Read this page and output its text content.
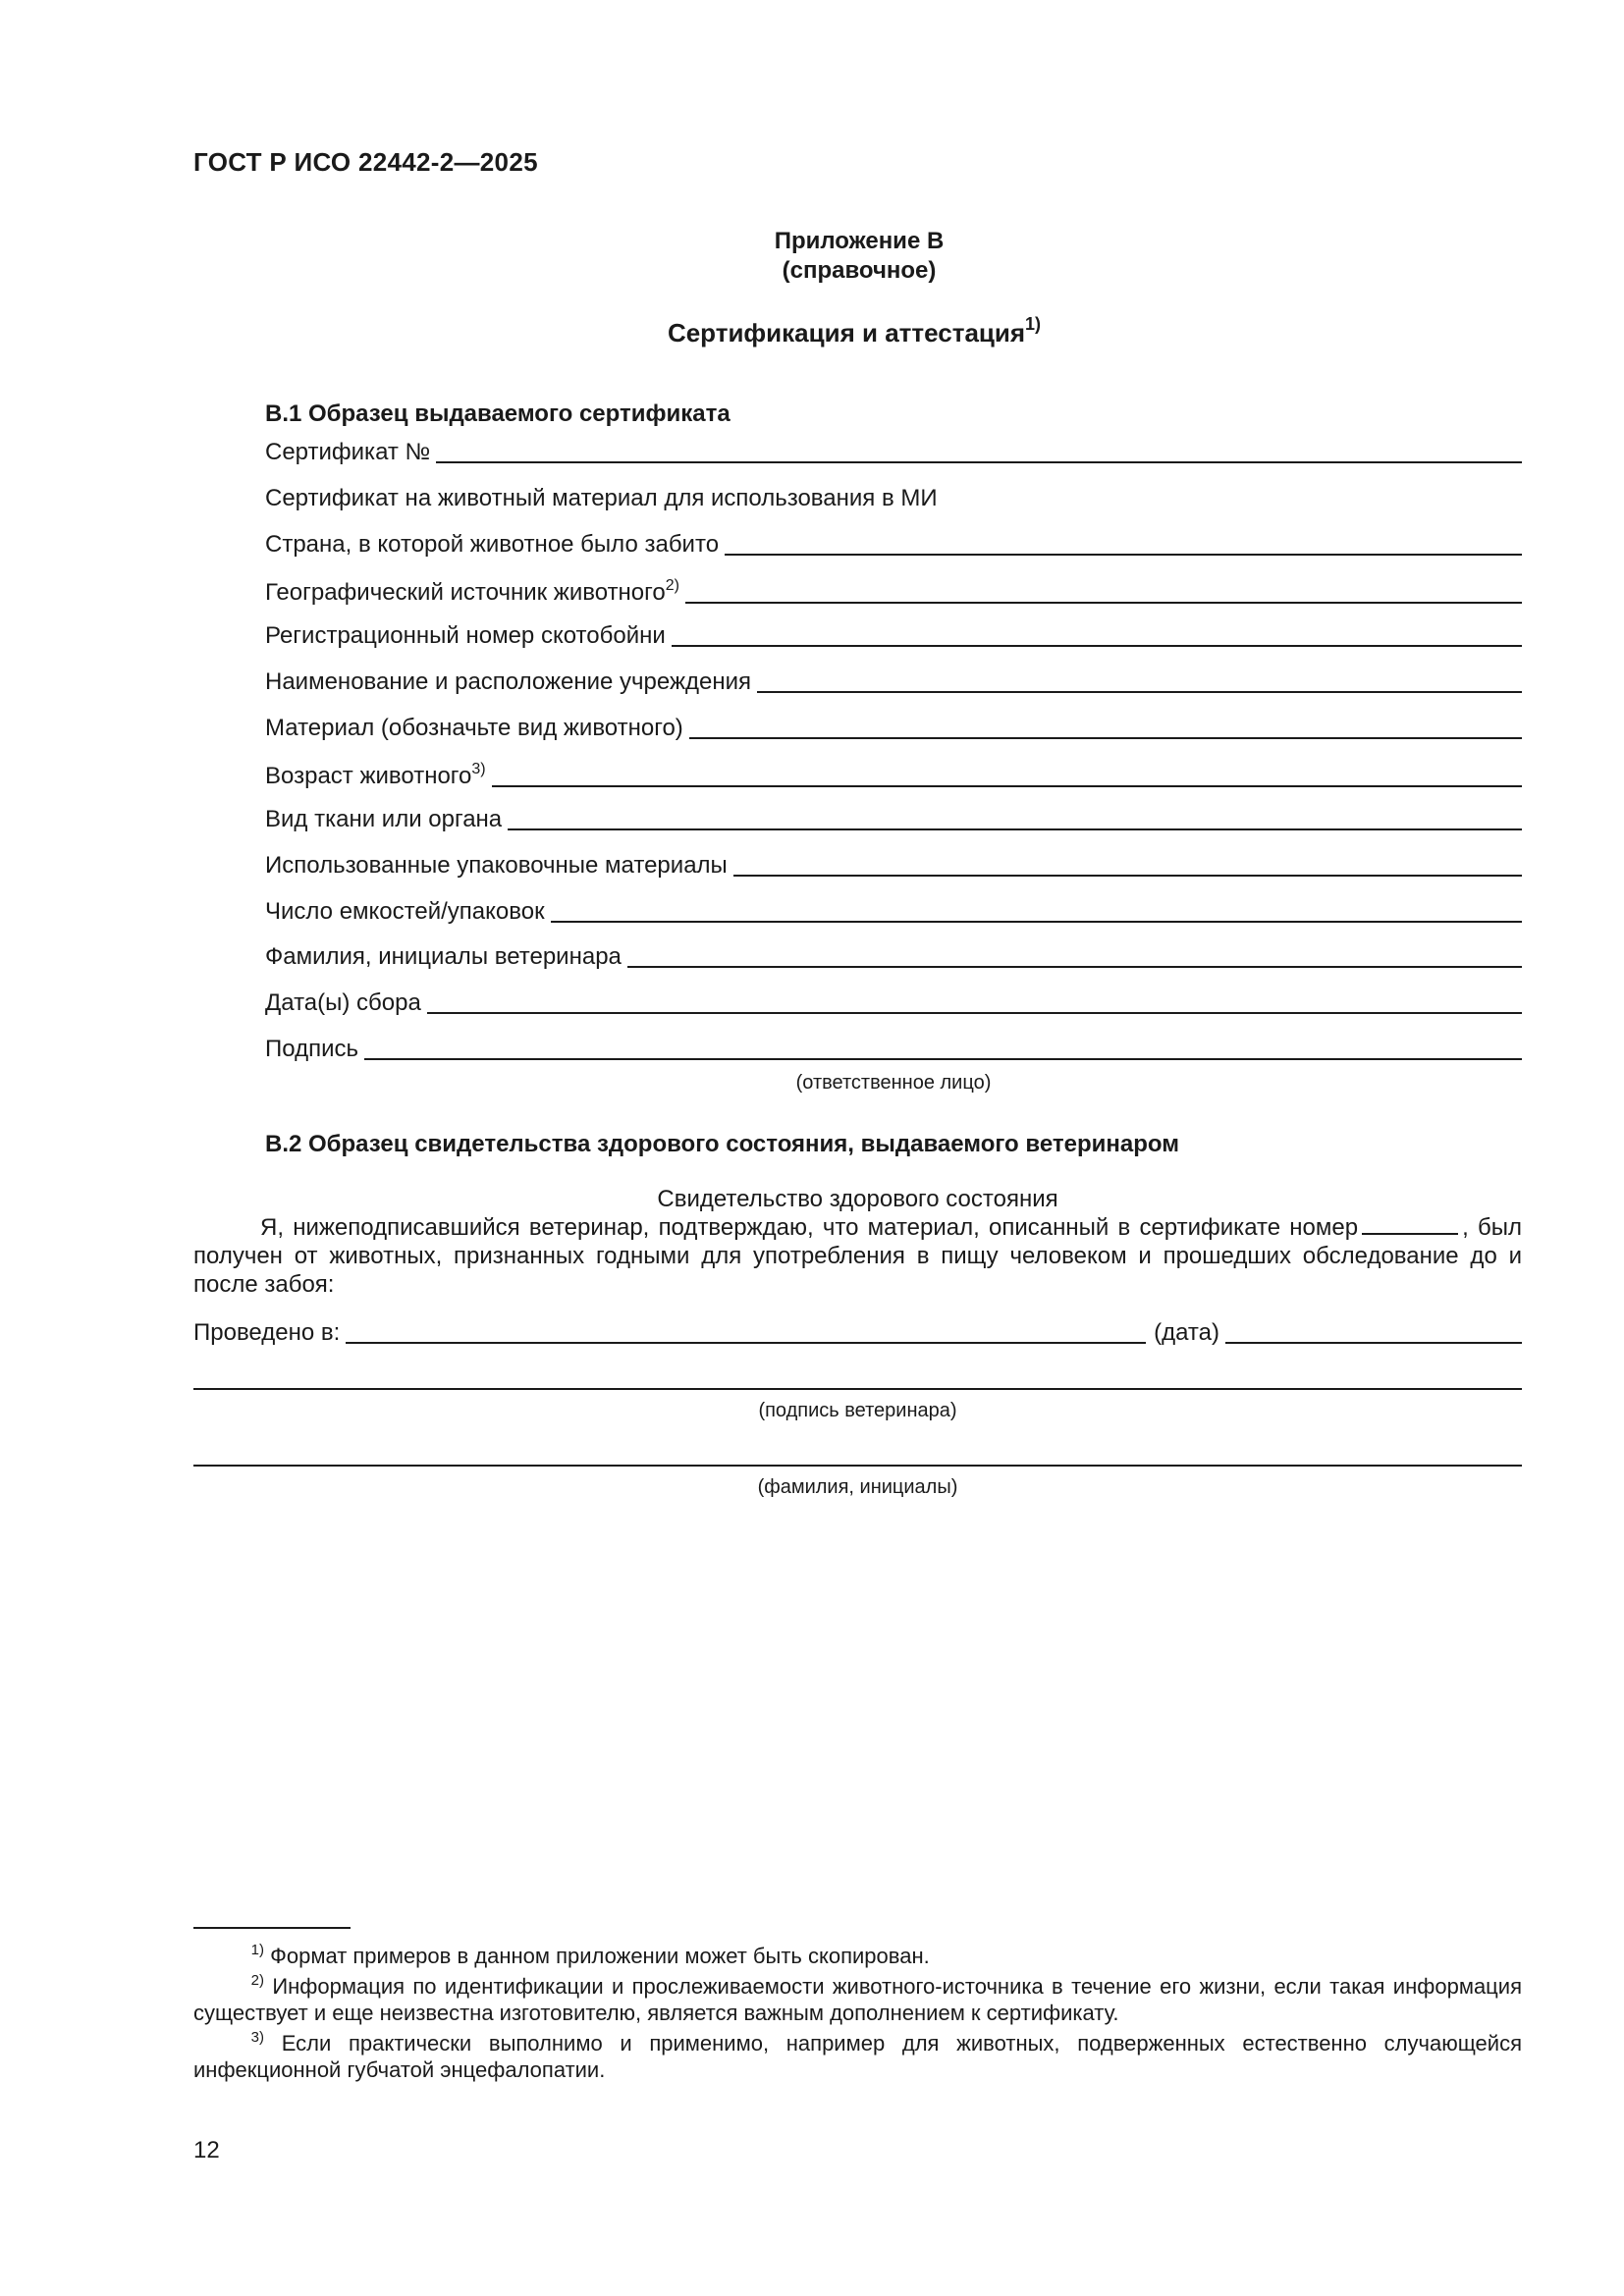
ГОСТ Р ИСО 22442-2—2025
Приложение В
(справочное)
Сертификация и аттестация$^{1)}$
В.1 Образец выдаваемого сертификата
Сертификат №
Сертификат на животный материал для использования в МИ
Страна, в которой животное было забито
Географический источник животного$^{2)}$
Регистрационный номер скотобойни
Наименование и расположение учреждения
Материал (обозначьте вид животного)
Возраст животного$^{3)}$
Вид ткани или органа
Использованные упаковочные материалы
Число емкостей/упаковок
Фамилия, инициалы ветеринара
Дата(ы) сбора
Подпись
(ответственное лицо)
В.2 Образец свидетельства здорового состояния, выдаваемого ветеринаром
Свидетельство здорового состояния
Я, нижеподписавшийся ветеринар, подтверждаю, что материал, описанный в сертификате номер	, был получен от животных, признанных годными для употребления в пищу человеком и прошедших обследование до и после забоя:
Проведено в:	(дата)
(подпись ветеринара)
(фамилия, инициалы)
$^{1)}$ Формат примеров в данном приложении может быть скопирован.
$^{2)}$ Информация по идентификации и прослеживаемости животного-источника в течение его жизни, если такая информация существует и еще неизвестна изготовителю, является важным дополнением к сертификату.
$^{3)}$ Если практически выполнимо и применимо, например для животных, подверженных естественно случающейся инфекционной губчатой энцефалопатии.
12
